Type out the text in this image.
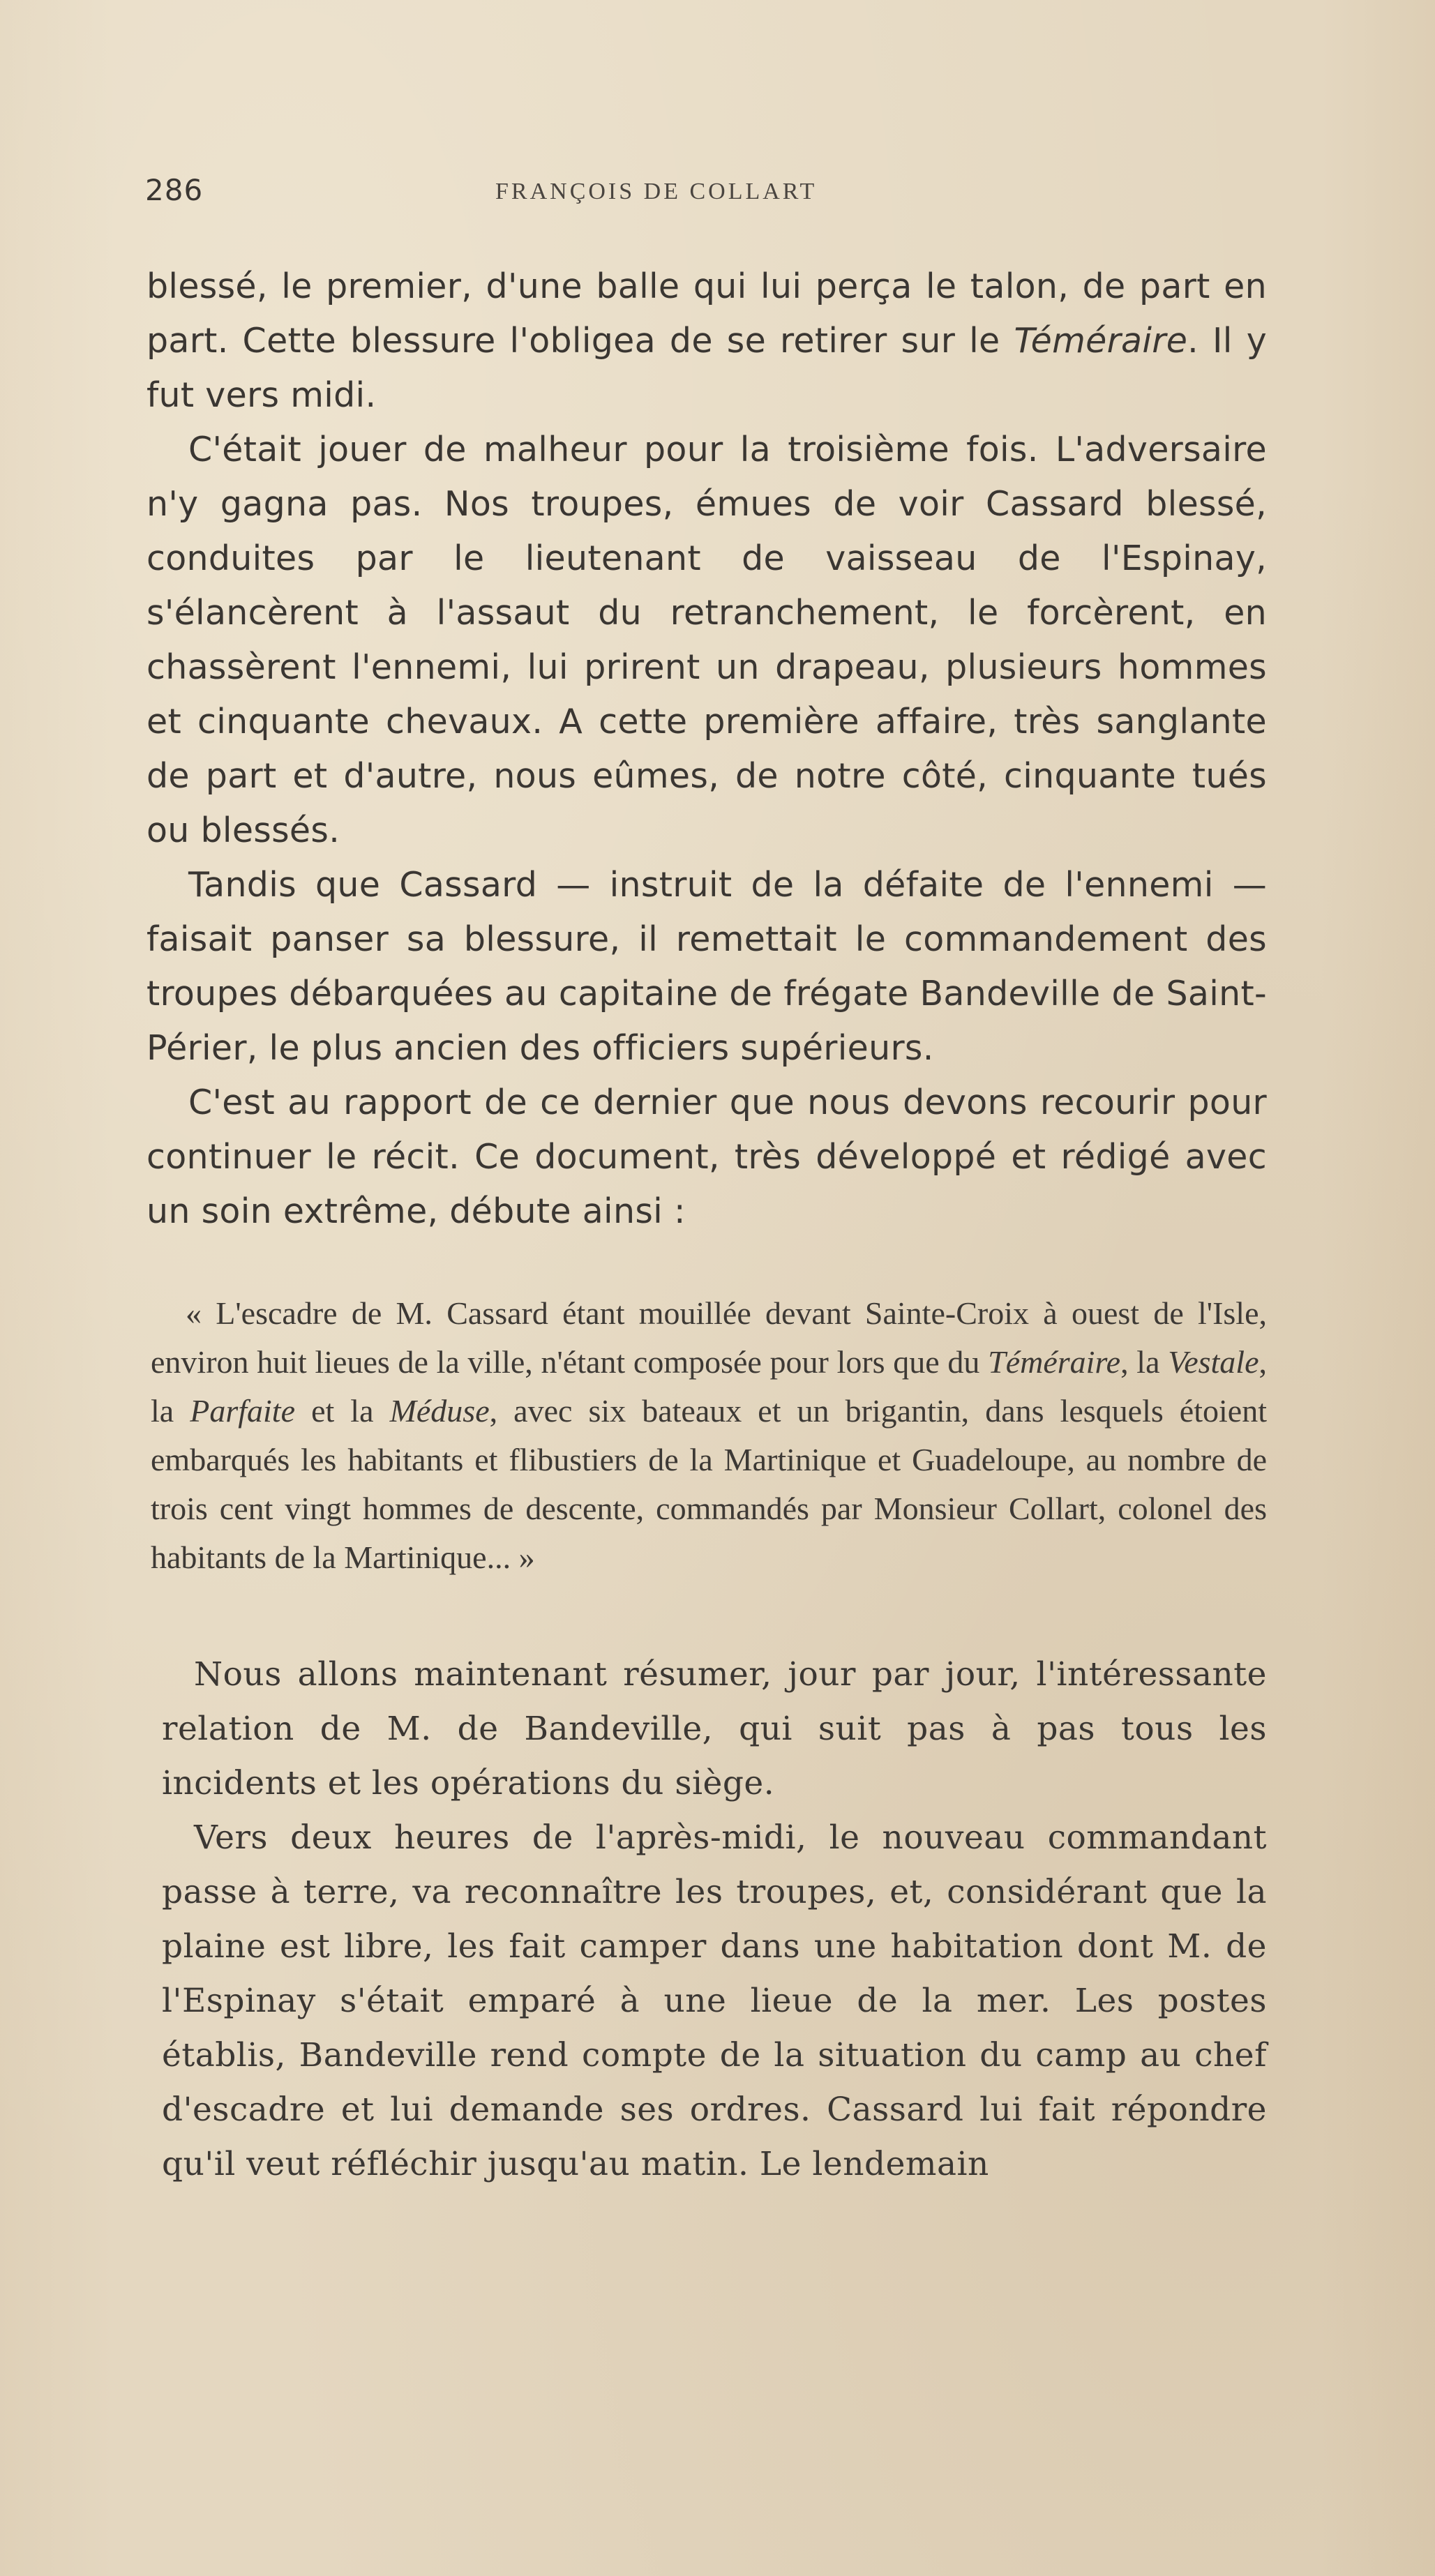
286	FRANÇOIS DE COLLART

blessé, le premier, d'une balle qui lui perça le talon, de part en part. Cette blessure l'obligea de se retirer sur le Téméraire. Il y fut vers midi.

C'était jouer de malheur pour la troisième fois. L'adversaire n'y gagna pas. Nos troupes, émues de voir Cassard blessé, conduites par le lieutenant de vaisseau de l'Espinay, s'élancèrent à l'assaut du retranchement, le forcèrent, en chassèrent l'ennemi, lui prirent un drapeau, plusieurs hommes et cinquante chevaux. A cette première affaire, très sanglante de part et d'autre, nous eûmes, de notre côté, cinquante tués ou blessés.

Tandis que Cassard — instruit de la défaite de l'ennemi — faisait panser sa blessure, il remettait le commandement des troupes débarquées au capitaine de frégate Bandeville de Saint-Périer, le plus ancien des officiers supérieurs.

C'est au rapport de ce dernier que nous devons recourir pour continuer le récit. Ce document, très développé et rédigé avec un soin extrême, débute ainsi :

« L'escadre de M. Cassard étant mouillée devant Sainte-Croix à ouest de l'Isle, environ huit lieues de la ville, n'étant composée pour lors que du Téméraire, la Vestale, la Parfaite et la Méduse, avec six bateaux et un brigantin, dans lesquels étoient embarqués les habitants et flibustiers de la Martinique et Guadeloupe, au nombre de trois cent vingt hommes de descente, commandés par Monsieur Collart, colonel des habitants de la Martinique... »

Nous allons maintenant résumer, jour par jour, l'intéressante relation de M. de Bandeville, qui suit pas à pas tous les incidents et les opérations du siège.

Vers deux heures de l'après-midi, le nouveau commandant passe à terre, va reconnaître les troupes, et, considérant que la plaine est libre, les fait camper dans une habitation dont M. de l'Espinay s'était emparé à une lieue de la mer. Les postes établis, Bandeville rend compte de la situation du camp au chef d'escadre et lui demande ses ordres. Cassard lui fait répondre qu'il veut réfléchir jusqu'au matin. Le lendemain
